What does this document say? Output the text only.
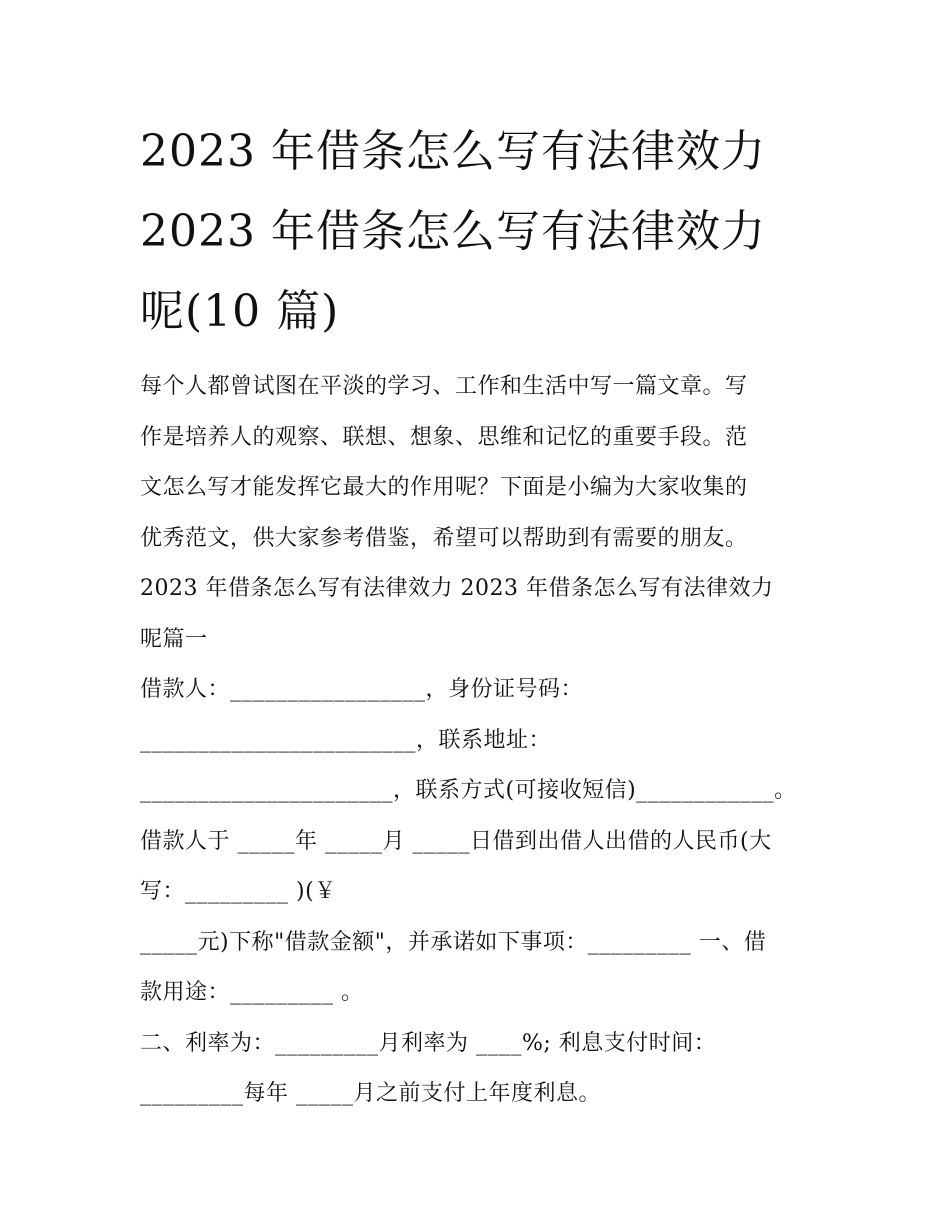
2023 年借条怎么写有法律效力
2023 年借条怎么写有法律效力
呢(10 篇)
每个人都曾试图在平淡的学习、工作和生活中写一篇文章。写
作是培养人的观察、联想、想象、思维和记忆的重要手段。范
文怎么写才能发挥它最大的作用呢？下面是小编为大家收集的
优秀范文，供大家参考借鉴，希望可以帮助到有需要的朋友。
2023 年借条怎么写有法律效力 2023 年借条怎么写有法律效力
呢篇一
借款人：_________________，身份证号码：
________________________，联系地址：
______________________，联系方式(可接收短信)____________。
借款人于 _____年 _____月 _____日借到出借人出借的人民币(大
写：_________ )(￥
_____元)下称"借款金额"，并承诺如下事项：_________ 一、借
款用途：_________ 。
二、利率为：_________月利率为 ____%; 利息支付时间：
_________每年 _____月之前支付上年度利息。
